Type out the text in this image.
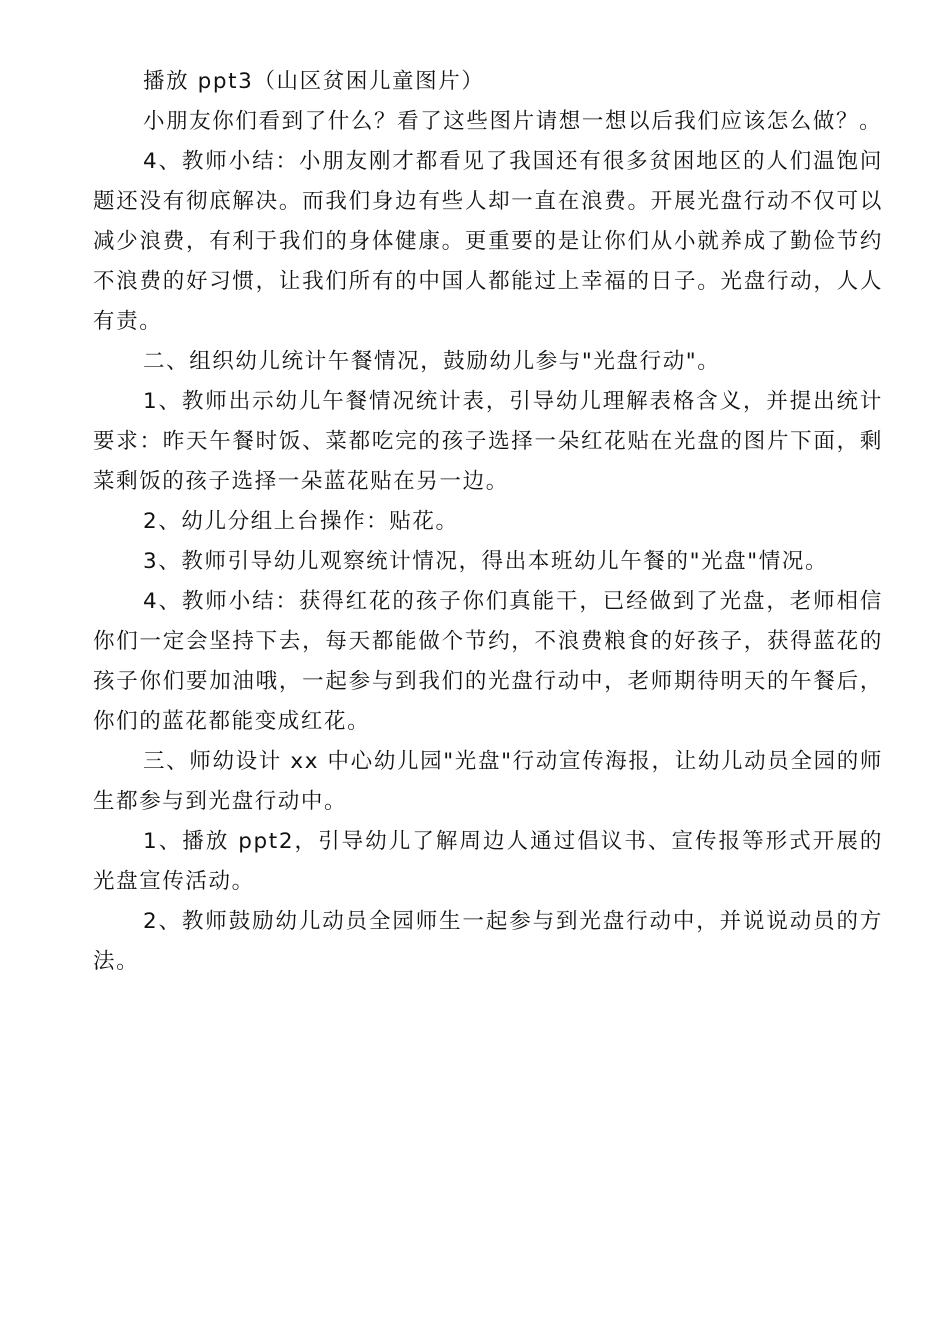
播放 ppt3（山区贫困儿童图片）

小朋友你们看到了什么？看了这些图片请想一想以后我们应该怎么做？。

4、教师小结：小朋友刚才都看见了我国还有很多贫困地区的人们温饱问题还没有彻底解决。而我们身边有些人却一直在浪费。开展光盘行动不仅可以减少浪费，有利于我们的身体健康。更重要的是让你们从小就养成了勤俭节约不浪费的好习惯，让我们所有的中国人都能过上幸福的日子。光盘行动，人人有责。

二、组织幼儿统计午餐情况，鼓励幼儿参与"光盘行动"。

1、教师出示幼儿午餐情况统计表，引导幼儿理解表格含义，并提出统计要求：昨天午餐时饭、菜都吃完的孩子选择一朵红花贴在光盘的图片下面，剩菜剩饭的孩子选择一朵蓝花贴在另一边。

2、幼儿分组上台操作：贴花。

3、教师引导幼儿观察统计情况，得出本班幼儿午餐的"光盘"情况。

4、教师小结：获得红花的孩子你们真能干，已经做到了光盘，老师相信你们一定会坚持下去，每天都能做个节约，不浪费粮食的好孩子，获得蓝花的孩子你们要加油哦，一起参与到我们的光盘行动中，老师期待明天的午餐后，你们的蓝花都能变成红花。

三、师幼设计 xx 中心幼儿园"光盘"行动宣传海报，让幼儿动员全园的师生都参与到光盘行动中。

1、播放 ppt2，引导幼儿了解周边人通过倡议书、宣传报等形式开展的光盘宣传活动。

2、教师鼓励幼儿动员全园师生一起参与到光盘行动中，并说说动员的方法。
